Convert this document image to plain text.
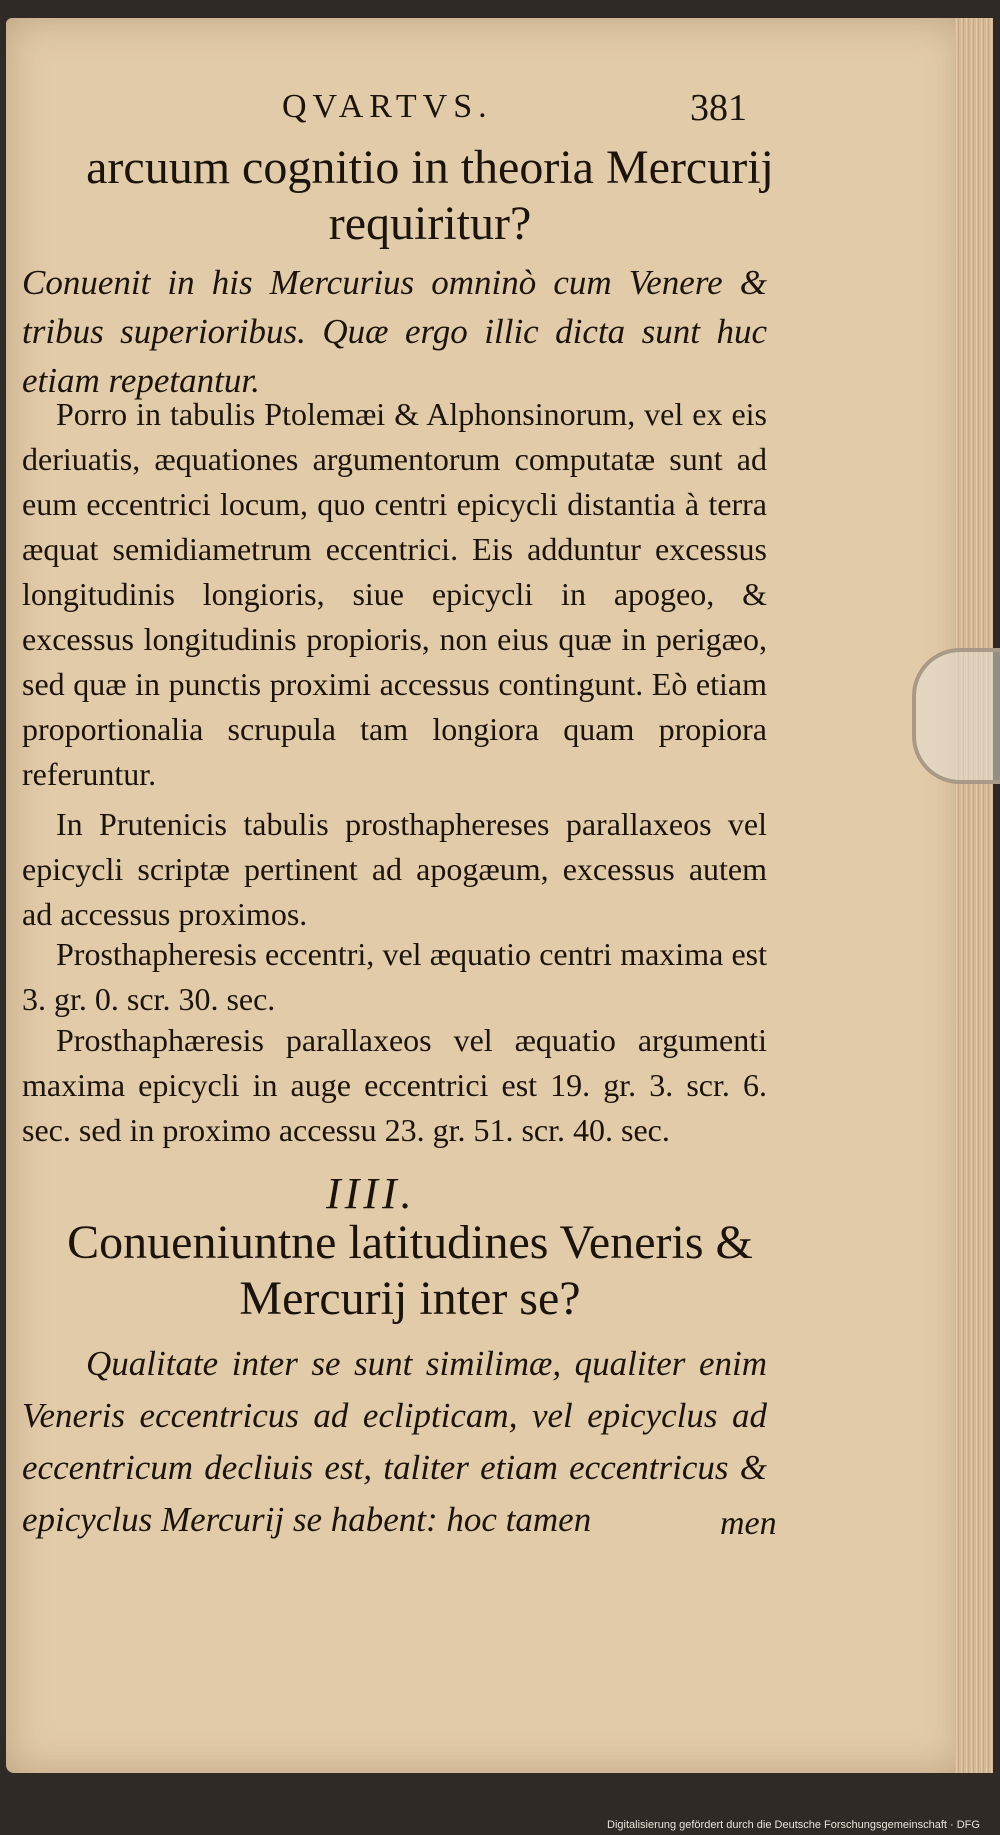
QVARTVS.	381
arcuum cognitio in theoria Mercurij requiritur?
Conuenit in his Mercurius omninò cum Venere & tribus superioribus. Quæ ergo illic dicta sunt huc etiam repetantur.
Porro in tabulis Ptolemæi & Alphonsinorum, vel ex eis deriuatis, æquationes argumentorum computatæ sunt ad eum eccentrici locum, quo centri epicycli distantia à terra æquat semidiametrum eccentrici. Eis adduntur excessus longitudinis longioris, siue epicycli in apogeo, & excessus longitudinis propioris, non eius quæ in perigæo, sed quæ in punctis proximi accessus contingunt. Eò etiam proportionalia scrupula tam longiora quam propiora referuntur.
In Prutenicis tabulis prosthaphereses parallaxeos vel epicycli scriptæ pertinent ad apogæum, excessus autem ad accessus proximos.
Prosthapheresis eccentri, vel æquatio centri maxima est 3. gr. 0. scr. 30. sec.
Prosthaphæresis parallaxeos vel æquatio argumenti maxima epicycli in auge eccentrici est 19. gr. 3. scr. 6. sec. sed in proximo accessu 23. gr. 51. scr. 40. sec.
IIII.
Conueniuntne latitudines Veneris & Mercurij inter se?
Qualitate inter se sunt similimæ, qualiter enim Veneris eccentricus ad eclipticam, vel epicyclus ad eccentricum decliuis est, taliter etiam eccentricus & epicyclus Mercurij se habent: hoc tamen	men
Digitalisierung gefördert durch die Deutsche Forschungsgemeinschaft · DFG
